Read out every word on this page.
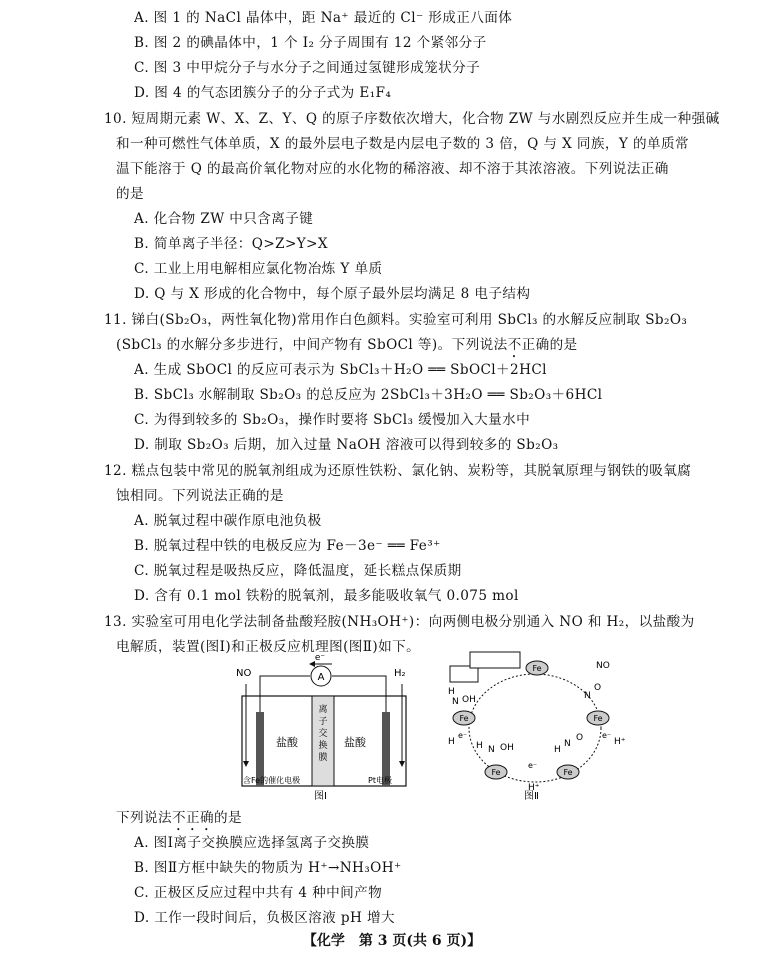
A. 图 1 的 NaCl 晶体中，距 Na⁺ 最近的 Cl⁻ 形成正八面体
B. 图 2 的碘晶体中，1 个 I₂ 分子周围有 12 个紧邻分子
C. 图 3 中甲烷分子与水分子之间通过氢键形成笼状分子
D. 图 4 的气态团簇分子的分子式为 E₁F₄
10. 短周期元素 W、X、Z、Y、Q 的原子序数依次增大，化合物 ZW 与水剧烈反应并生成一种强碱
和一种可燃性气体单质，X 的最外层电子数是内层电子数的 3 倍，Q 与 X 同族，Y 的单质常
温下能溶于 Q 的最高价氧化物对应的水化物的稀溶液、却不溶于其浓溶液。下列说法正确
的是
A. 化合物 ZW 中只含离子键
B. 简单离子半径：Q>Z>Y>X
C. 工业上用电解相应氯化物冶炼 Y 单质
D. Q 与 X 形成的化合物中，每个原子最外层均满足 8 电子结构
11. 锑白(Sb₂O₃，两性氧化物)常用作白色颜料。实验室可利用 SbCl₃ 的水解反应制取 Sb₂O₃
(SbCl₃ 的水解分多步进行，中间产物有 SbOCl 等)。下列说法不正确的是
A. 生成 SbOCl 的反应可表示为 SbCl₃＋H₂O ══ SbOCl＋2HCl
B. SbCl₃ 水解制取 Sb₂O₃ 的总反应为 2SbCl₃＋3H₂O ══ Sb₂O₃＋6HCl
C. 为得到较多的 Sb₂O₃，操作时要将 SbCl₃ 缓慢加入大量水中
D. 制取 Sb₂O₃ 后期，加入过量 NaOH 溶液可以得到较多的 Sb₂O₃
12. 糕点包装中常见的脱氧剂组成为还原性铁粉、氯化钠、炭粉等，其脱氧原理与钢铁的吸氧腐
蚀相同。下列说法正确的是
A. 脱氧过程中碳作原电池负极
B. 脱氧过程中铁的电极反应为 Fe－3e⁻ ══ Fe³⁺
C. 脱氧过程是吸热反应，降低温度，延长糕点保质期
D. 含有 0.1 mol 铁粉的脱氧剂，最多能吸收氧气 0.075 mol
13. 实验室可用电化学法制备盐酸羟胺(NH₃OH⁺)：向两侧电极分别通入 NO 和 H₂，以盐酸为
电解质，装置(图Ⅰ)和正极反应机理图(图Ⅱ)如下。
A
e⁻
NO	H₂
盐酸	盐酸
离
子
交
换
膜
含Fe的催化电极	Pt电极
图Ⅰ
Fe
Fe
Fe
Fe
Fe
NO
N
O
H⁺
e⁻
H
N
O
e⁻
H⁺
H N OH
H
e⁻
H
N OH
图Ⅱ
下列说法不正确的是
A. 图Ⅰ离子交换膜应选择氢离子交换膜
B. 图Ⅱ方框中缺失的物质为 H⁺→NH₃OH⁺
C. 正极区反应过程中共有 4 种中间产物
D. 工作一段时间后，负极区溶液 pH 增大
【化学　第 3 页(共 6 页)】
